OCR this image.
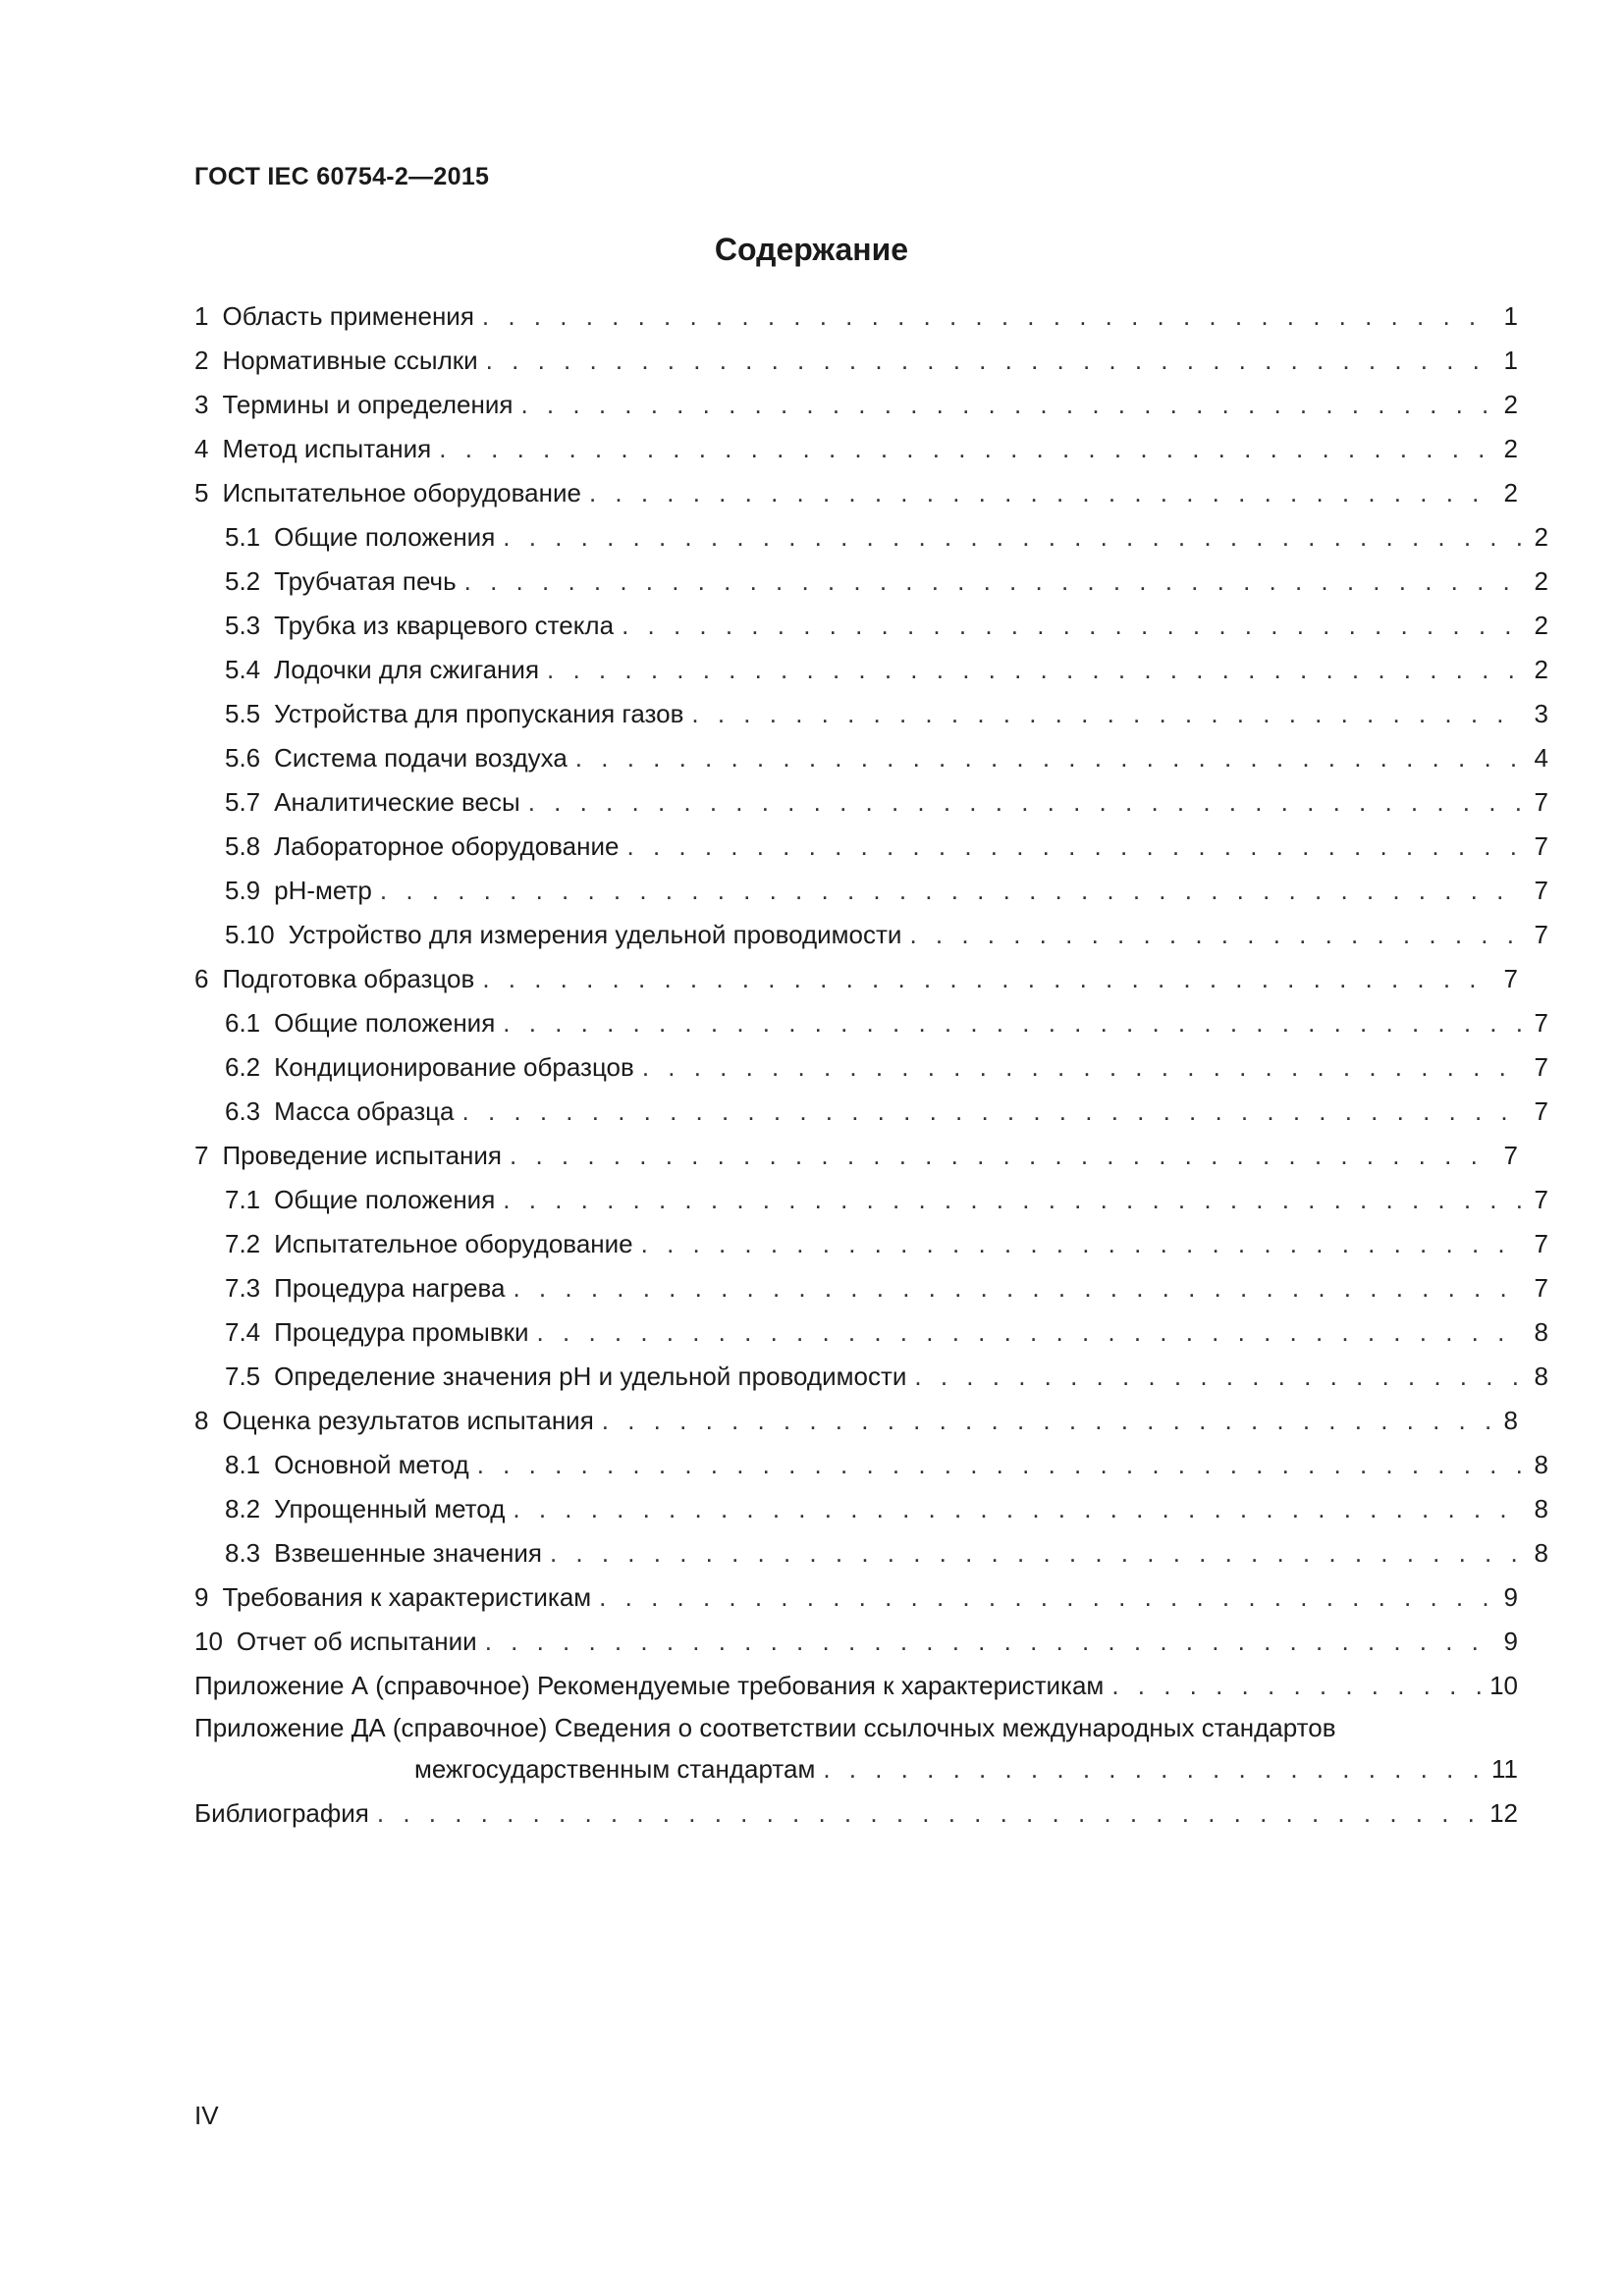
ГОСТ IEC 60754-2—2015
Содержание
1 Область применения . . .	1
2 Нормативные ссылки . . .	1
3 Термины и определения . . .	2
4 Метод испытания . . .	2
5 Испытательное оборудование . . .	2
5.1 Общие положения . . .	2
5.2 Трубчатая печь . . .	2
5.3 Трубка из кварцевого стекла . . .	2
5.4 Лодочки для сжигания . . .	2
5.5 Устройства для пропускания газов . . .	3
5.6 Система подачи воздуха . . .	4
5.7 Аналитические весы . . .	7
5.8 Лабораторное оборудование . . .	7
5.9 pH-метр . . .	7
5.10 Устройство для измерения удельной проводимости . . .	7
6 Подготовка образцов . . .	7
6.1 Общие положения . . .	7
6.2 Кондиционирование образцов . . .	7
6.3 Масса образца . . .	7
7 Проведение испытания . . .	7
7.1 Общие положения . . .	7
7.2 Испытательное оборудование . . .	7
7.3 Процедура нагрева . . .	7
7.4 Процедура промывки . . .	8
7.5 Определение значения pH и удельной проводимости . . .	8
8 Оценка результатов испытания . . .	8
8.1 Основной метод . . .	8
8.2 Упрощенный метод . . .	8
8.3 Взвешенные значения . . .	8
9 Требования к характеристикам . . .	9
10 Отчет об испытании . . .	9
Приложение А (справочное) Рекомендуемые требования к характеристикам . . .	10
Приложение ДА (справочное) Сведения о соответствии ссылочных международных стандартов
межгосударственным стандартам . . .	11
Библиография . . .	12
IV
